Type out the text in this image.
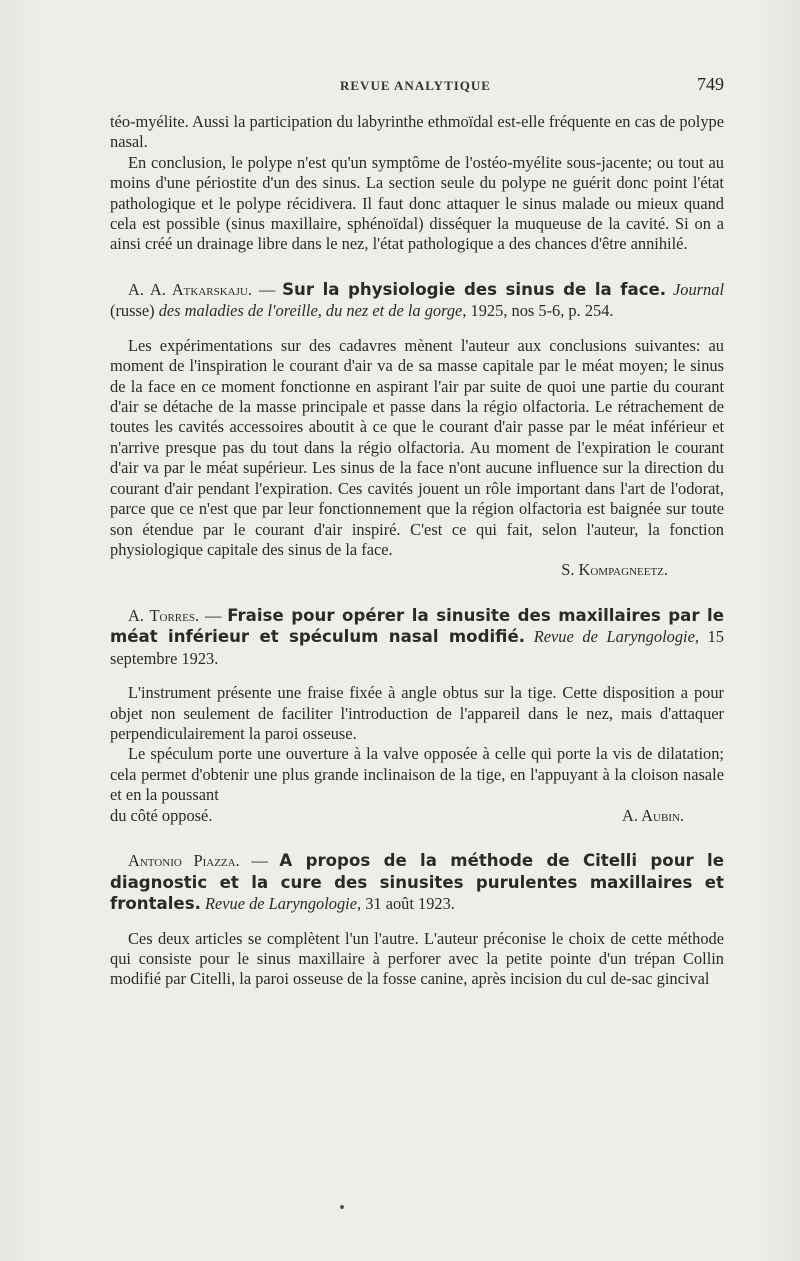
REVUE ANALYTIQUE	749

téo-myélite. Aussi la participation du labyrinthe ethmoïdal est-elle fréquente en cas de polype nasal.

En conclusion, le polype n'est qu'un symptôme de l'ostéo-myélite sous-jacente; ou tout au moins d'une périostite d'un des sinus. La section seule du polype ne guérit donc point l'état pathologique et le polype récidivera. Il faut donc attaquer le sinus malade ou mieux quand cela est possible (sinus maxillaire, sphénoïdal) disséquer la muqueuse de la cavité. Si on a ainsi créé un drainage libre dans le nez, l'état pathologique a des chances d'être annihilé.

A. A. Atkarskaju. — Sur la physiologie des sinus de la face. Journal (russe) des maladies de l'oreille, du nez et de la gorge, 1925, nos 5-6, p. 254.

Les expérimentations sur des cadavres mènent l'auteur aux conclusions suivantes: au moment de l'inspiration le courant d'air va de sa masse capitale par le méat moyen; le sinus de la face en ce moment fonctionne en aspirant l'air par suite de quoi une partie du courant d'air se détache de la masse principale et passe dans la régio olfactoria. Le rétrachement de toutes les cavités accessoires aboutit à ce que le courant d'air passe par le méat inférieur et n'arrive presque pas du tout dans la régio olfactoria. Au moment de l'expiration le courant d'air va par le méat supérieur. Les sinus de la face n'ont aucune influence sur la direction du courant d'air pendant l'expiration. Ces cavités jouent un rôle important dans l'art de l'odorat, parce que ce n'est que par leur fonctionnement que la région olfactoria est baignée sur toute son étendue par le courant d'air inspiré. C'est ce qui fait, selon l'auteur, la fonction physiologique capitale des sinus de la face.

S. Kompagneetz.

A. Torres. — Fraise pour opérer la sinusite des maxillaires par le méat inférieur et spéculum nasal modifié. Revue de Laryngologie, 15 septembre 1923.

L'instrument présente une fraise fixée à angle obtus sur la tige. Cette disposition a pour objet non seulement de faciliter l'introduction de l'appareil dans le nez, mais d'attaquer perpendiculairement la paroi osseuse.

Le spéculum porte une ouverture à la valve opposée à celle qui porte la vis de dilatation; cela permet d'obtenir une plus grande inclinaison de la tige, en l'appuyant à la cloison nasale et en la poussant

du côté opposé.	A. Aubin.

Antonio Piazza. — A propos de la méthode de Citelli pour le diagnostic et la cure des sinusites purulentes maxillaires et frontales. Revue de Laryngologie, 31 août 1923.

Ces deux articles se complètent l'un l'autre. L'auteur préconise le choix de cette méthode qui consiste pour le sinus maxillaire à perforer avec la petite pointe d'un trépan Collin modifié par Citelli, la paroi osseuse de la fosse canine, après incision du cul de-sac gincival
